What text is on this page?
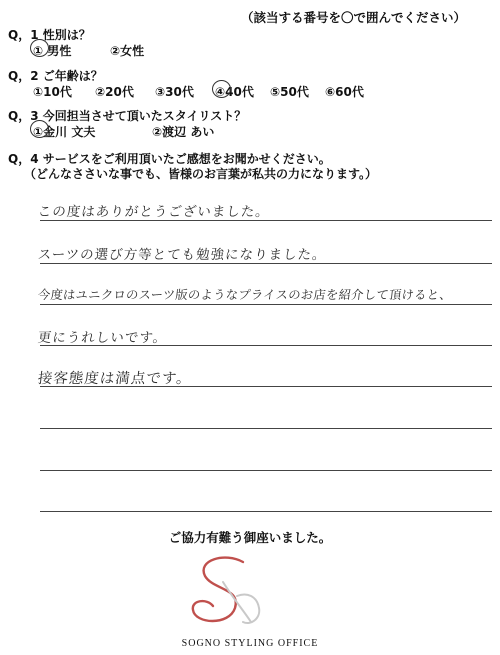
（該当する番号を〇で囲んでください）
Q，1 性別は？
① 男性	②女性
Q，2 ご年齢は？
①10代 ②20代 ③30代 ④40代 ⑤50代 ⑥60代
Q，3 今回担当させて頂いたスタイリスト？
①金川 文夫	②渡辺 あい
Q，4 サービスをご利用頂いたご感想をお聞かせください。
（どんなささいな事でも、皆様のお言葉が私共の力になります。）
この度はありがとうございました。
スーツの選び方等とても勉強になりました。
今度はユニクロのスーツ版のようなプライスのお店を紹介して頂けると、
更にうれしいです。
接客態度は満点です。
ご協力有難う御座いました。
SOGNO STYLING OFFICE
